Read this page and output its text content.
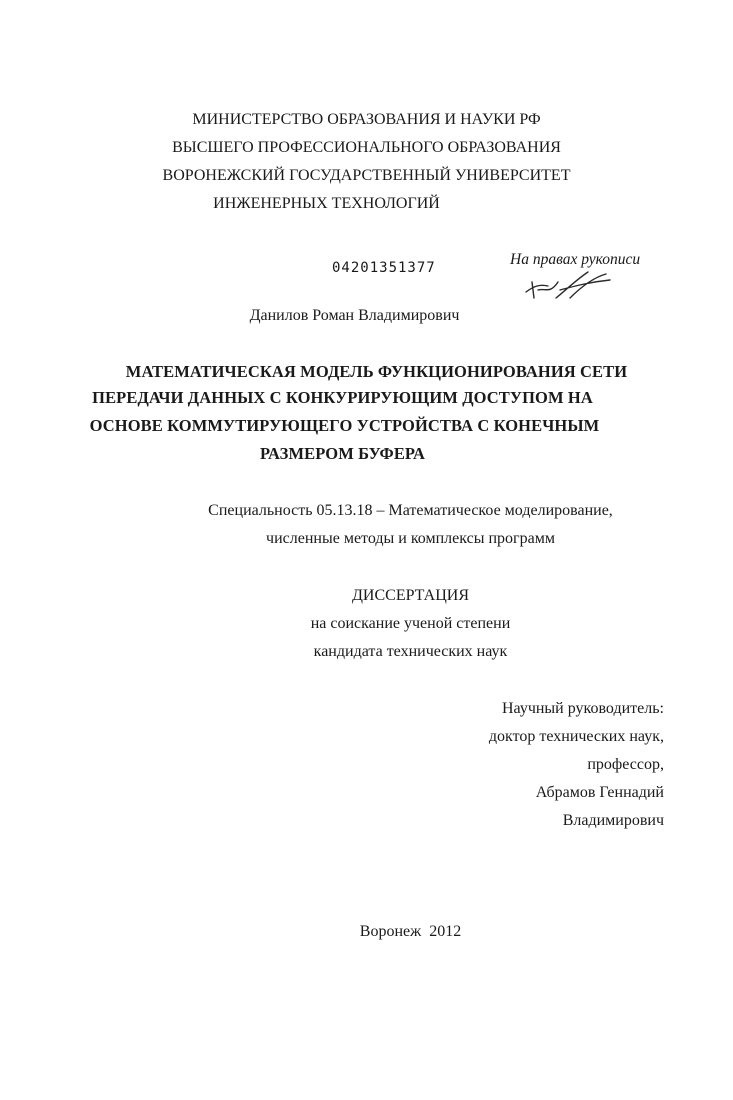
МИНИСТЕРСТВО ОБРАЗОВАНИЯ И НАУКИ РФ
ВЫСШЕГО ПРОФЕССИОНАЛЬНОГО ОБРАЗОВАНИЯ
ВОРОНЕЖСКИЙ ГОСУДАРСТВЕННЫЙ УНИВЕРСИТЕТ
ИНЖЕНЕРНЫХ ТЕХНОЛОГИЙ
04201351377	На правах рукописи
Данилов Роман Владимирович
МАТЕМАТИЧЕСКАЯ МОДЕЛЬ ФУНКЦИОНИРОВАНИЯ СЕТИ
ПЕРЕДАЧИ ДАННЫХ С КОНКУРИРУЮЩИМ ДОСТУПОМ НА
ОСНОВЕ КОММУТИРУЮЩЕГО УСТРОЙСТВА С КОНЕЧНЫМ
РАЗМЕРОМ БУФЕРА
Специальность 05.13.18 – Математическое моделирование,
численные методы и комплексы программ
ДИССЕРТАЦИЯ
на соискание ученой степени
кандидата технических наук
Научный руководитель:
доктор технических наук,
профессор,
Абрамов Геннадий
Владимирович
Воронеж  2012
